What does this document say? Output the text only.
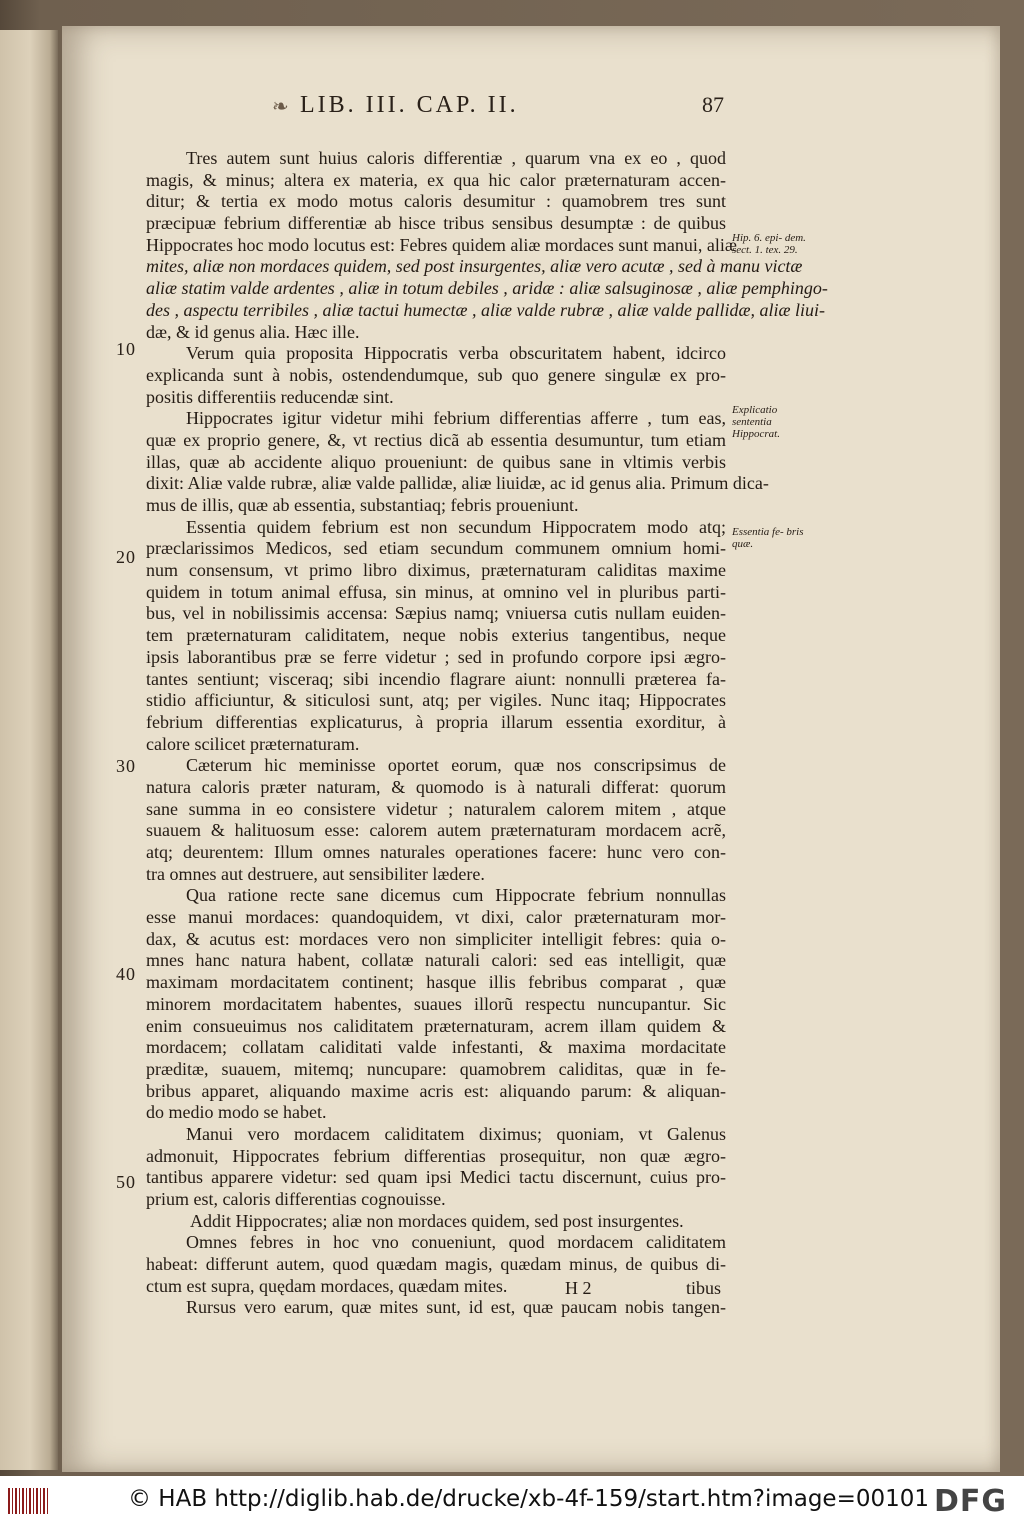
❧ LIB. III. CAP. II.	87
Tres autem sunt huius caloris differentiæ , quarum vna ex eo , quod
magis, & minus; altera ex materia, ex qua hic calor præternaturam accen-
ditur; & tertia ex modo motus caloris desumitur : quamobrem tres sunt
præcipuæ febrium differentiæ ab hisce tribus sensibus desumptæ : de quibus
Hippocrates hoc modo locutus est: Febres quidem aliæ mordaces sunt manui, aliæ
mites, aliæ non mordaces quidem, sed post insurgentes, aliæ vero acutæ , sed à manu victæ
aliæ statim valde ardentes , aliæ in totum debiles , aridæ : aliæ salsuginosæ , aliæ pemphingo-
des , aspectu terribiles , aliæ tactui humectæ , aliæ valde rubræ , aliæ valde pallidæ, aliæ liui-
dæ, & id genus alia. Hæc ille.
Verum quia proposita Hippocratis verba obscuritatem habent, idcirco
explicanda sunt à nobis, ostendendumque, sub quo genere singulæ ex pro-
positis differentiis reducendæ sint.
Hippocrates igitur videtur mihi febrium differentias afferre , tum eas,
quæ ex proprio genere, &, vt rectius dicã ab essentia desumuntur, tum etiam
illas, quæ ab accidente aliquo proueniunt: de quibus sane in vltimis verbis
dixit: Aliæ valde rubræ, aliæ valde pallidæ, aliæ liuidæ, ac id genus alia. Primum dica-
mus de illis, quæ ab essentia, substantiaq; febris proueniunt.
Essentia quidem febrium est non secundum Hippocratem modo atq;
præclarissimos Medicos, sed etiam secundum communem omnium homi-
num consensum, vt primo libro diximus, præternaturam caliditas maxime
quidem in totum animal effusa, sin minus, at omnino vel in pluribus parti-
bus, vel in nobilissimis accensa: Sæpius namq; vniuersa cutis nullam euiden-
tem præternaturam caliditatem, neque nobis exterius tangentibus, neque
ipsis laborantibus præ se ferre videtur ; sed in profundo corpore ipsi ægro-
tantes sentiunt; visceraq; sibi incendio flagrare aiunt: nonnulli præterea fa-
stidio afficiuntur, & siticulosi sunt, atq; per vigiles. Nunc itaq; Hippocrates
febrium differentias explicaturus, à propria illarum essentia exorditur, à
calore scilicet præternaturam.
Cæterum hic meminisse oportet eorum, quæ nos conscripsimus de
natura caloris præter naturam, & quomodo is à naturali differat: quorum
sane summa in eo consistere videtur ; naturalem calorem mitem , atque
suauem & halituosum esse: calorem autem præternaturam mordacem acrẽ,
atq; deurentem: Illum omnes naturales operationes facere: hunc vero con-
tra omnes aut destruere, aut sensibiliter lædere.
Qua ratione recte sane dicemus cum Hippocrate febrium nonnullas
esse manui mordaces: quandoquidem, vt dixi, calor præternaturam mor-
dax, & acutus est: mordaces vero non simpliciter intelligit febres: quia o-
mnes hanc natura habent, collatæ naturali calori: sed eas intelligit, quæ
maximam mordacitatem continent; hasque illis febribus comparat , quæ
minorem mordacitatem habentes, suaues illorũ respectu nuncupantur. Sic
enim consueuimus nos caliditatem præternaturam, acrem illam quidem &
mordacem; collatam caliditati valde infestanti, & maxima mordacitate
præditæ, suauem, mitemq; nuncupare: quamobrem caliditas, quæ in fe-
bribus apparet, aliquando maxime acris est: aliquando parum: & aliquan-
do medio modo se habet.
Manui vero mordacem caliditatem diximus; quoniam, vt Galenus
admonuit, Hippocrates febrium differentias prosequitur, non quæ ægro-
tantibus apparere videtur: sed quam ipsi Medici tactu discernunt, cuius pro-
prium est, caloris differentias cognouisse.
Addit Hippocrates; aliæ non mordaces quidem, sed post insurgentes.
Omnes febres in hoc vno conueniunt, quod mordacem caliditatem
habeat: differunt autem, quod quædam magis, quædam minus, de quibus di-
ctum est supra, quędam mordaces, quædam mites.
Rursus vero earum, quæ mites sunt, id est, quæ paucam nobis tangen-
10
20
30
40
50
Hip. 6. epi- dem. sect. 1. tex. 29.
Explicatio sententia Hippocrat.
Essentia fe- bris quæ.
H 2	tibus
© HAB http://diglib.hab.de/drucke/xb-4f-159/start.htm?image=00101 DFG
